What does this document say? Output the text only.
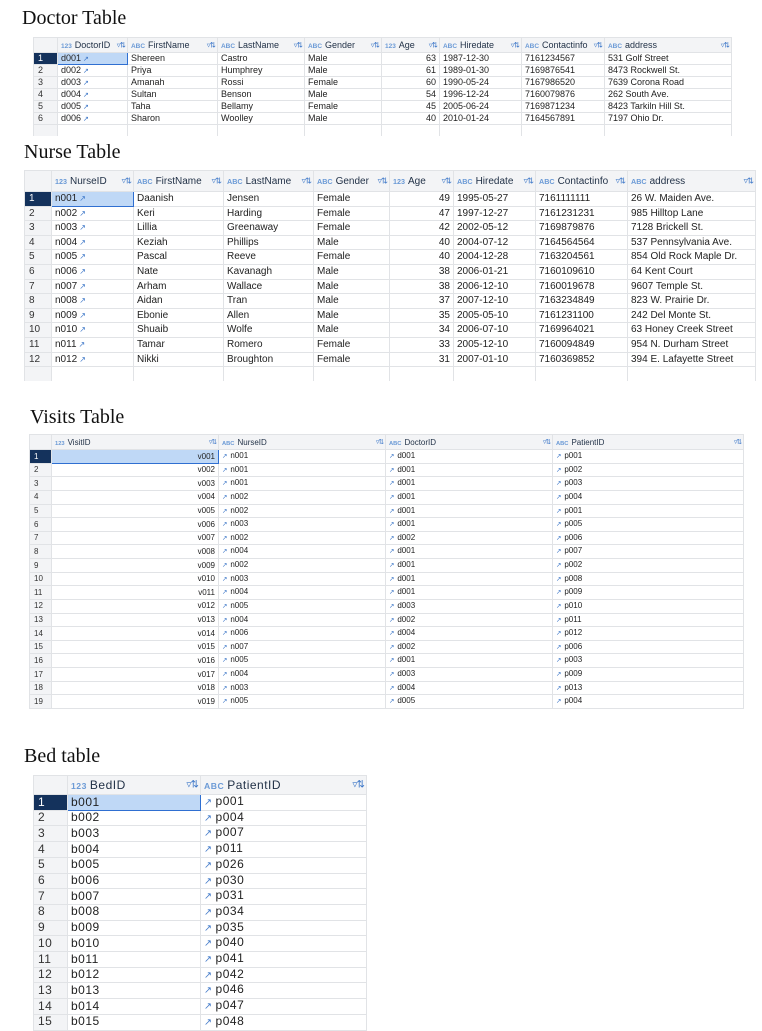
Doctor Table
Nurse Table
Visits Table
Bed table
	123 DoctorID ▿⇅	ABC FirstName ▿⇅	ABC LastName ▿⇅	ABC Gender ▿⇅	123 Age ▿⇅	ABC Hiredate ▿⇅	ABC Contactinfo ▿⇅	ABC address ▿⇅

1	d001 ↗	Shereen	Castro	Male	63	1987-12-30	7161234567	531 Golf Street
2	d002 ↗	Priya	Humphrey	Male	61	1989-01-30	7169876541	8473 Rockwell St.
3	d003 ↗	Amanah	Rossi	Female	60	1990-05-24	7167986520	7639 Corona Road
4	d004 ↗	Sultan	Benson	Male	54	1996-12-24	7160079876	262 South Ave.
5	d005 ↗	Taha	Bellamy	Female	45	2005-06-24	7169871234	8423 Tarkiln Hill St.
6	d006 ↗	Sharon	Woolley	Male	40	2010-01-24	7164567891	7197 Ohio Dr.

	123 NurseID ▿⇅	ABC FirstName ▿⇅	ABC LastName ▿⇅	ABC Gender ▿⇅	123 Age ▿⇅	ABC Hiredate ▿⇅	ABC Contactinfo ▿⇅	ABC address ▿⇅

1	n001 ↗	Daanish	Jensen	Female	49	1995-05-27	7161111111	26 W. Maiden Ave.
2	n002 ↗	Keri	Harding	Female	47	1997-12-27	7161231231	985 Hilltop Lane
3	n003 ↗	Lillia	Greenaway	Female	42	2002-05-12	7169879876	7128 Brickell St.
4	n004 ↗	Keziah	Phillips	Male	40	2004-07-12	7164564564	537 Pennsylvania Ave.
5	n005 ↗	Pascal	Reeve	Female	40	2004-12-28	7163204561	854 Old Rock Maple Dr.
6	n006 ↗	Nate	Kavanagh	Male	38	2006-01-21	7160109610	64 Kent Court
7	n007 ↗	Arham	Wallace	Male	38	2006-12-10	7160019678	9607 Temple St.
8	n008 ↗	Aidan	Tran	Male	37	2007-12-10	7163234849	823 W. Prairie Dr.
9	n009 ↗	Ebonie	Allen	Male	35	2005-05-10	7161231100	242 Del Monte St.
10	n010 ↗	Shuaib	Wolfe	Male	34	2006-07-10	7169964021	63 Honey Creek Street
11	n011 ↗	Tamar	Romero	Female	33	2005-12-10	7160094849	954 N. Durham Street
12	n012 ↗	Nikki	Broughton	Female	31	2007-01-10	7160369852	394 E. Lafayette Street

	123 VisitID ▿⇅	ABC NurseID ▿⇅	ABC DoctorID ▿⇅	ABC PatientID ▿⇅

1	v001	↗ n001	↗ d001	↗ p001
2	v002	↗ n001	↗ d001	↗ p002
3	v003	↗ n001	↗ d001	↗ p003
4	v004	↗ n002	↗ d001	↗ p004
5	v005	↗ n002	↗ d001	↗ p001
6	v006	↗ n003	↗ d001	↗ p005
7	v007	↗ n002	↗ d002	↗ p006
8	v008	↗ n004	↗ d001	↗ p007
9	v009	↗ n002	↗ d001	↗ p002
10	v010	↗ n003	↗ d001	↗ p008
11	v011	↗ n004	↗ d001	↗ p009
12	v012	↗ n005	↗ d003	↗ p010
13	v013	↗ n004	↗ d002	↗ p011
14	v014	↗ n006	↗ d004	↗ p012
15	v015	↗ n007	↗ d002	↗ p006
16	v016	↗ n005	↗ d001	↗ p003
17	v017	↗ n004	↗ d003	↗ p009
18	v018	↗ n003	↗ d004	↗ p013
19	v019	↗ n005	↗ d005	↗ p004
	123 BedID ▿⇅	ABC PatientID ▿⇅

1	b001	↗ p001
2	b002	↗ p004
3	b003	↗ p007
4	b004	↗ p011
5	b005	↗ p026
6	b006	↗ p030
7	b007	↗ p031
8	b008	↗ p034
9	b009	↗ p035
10	b010	↗ p040
11	b011	↗ p041
12	b012	↗ p042
13	b013	↗ p046
14	b014	↗ p047
15	b015	↗ p048
